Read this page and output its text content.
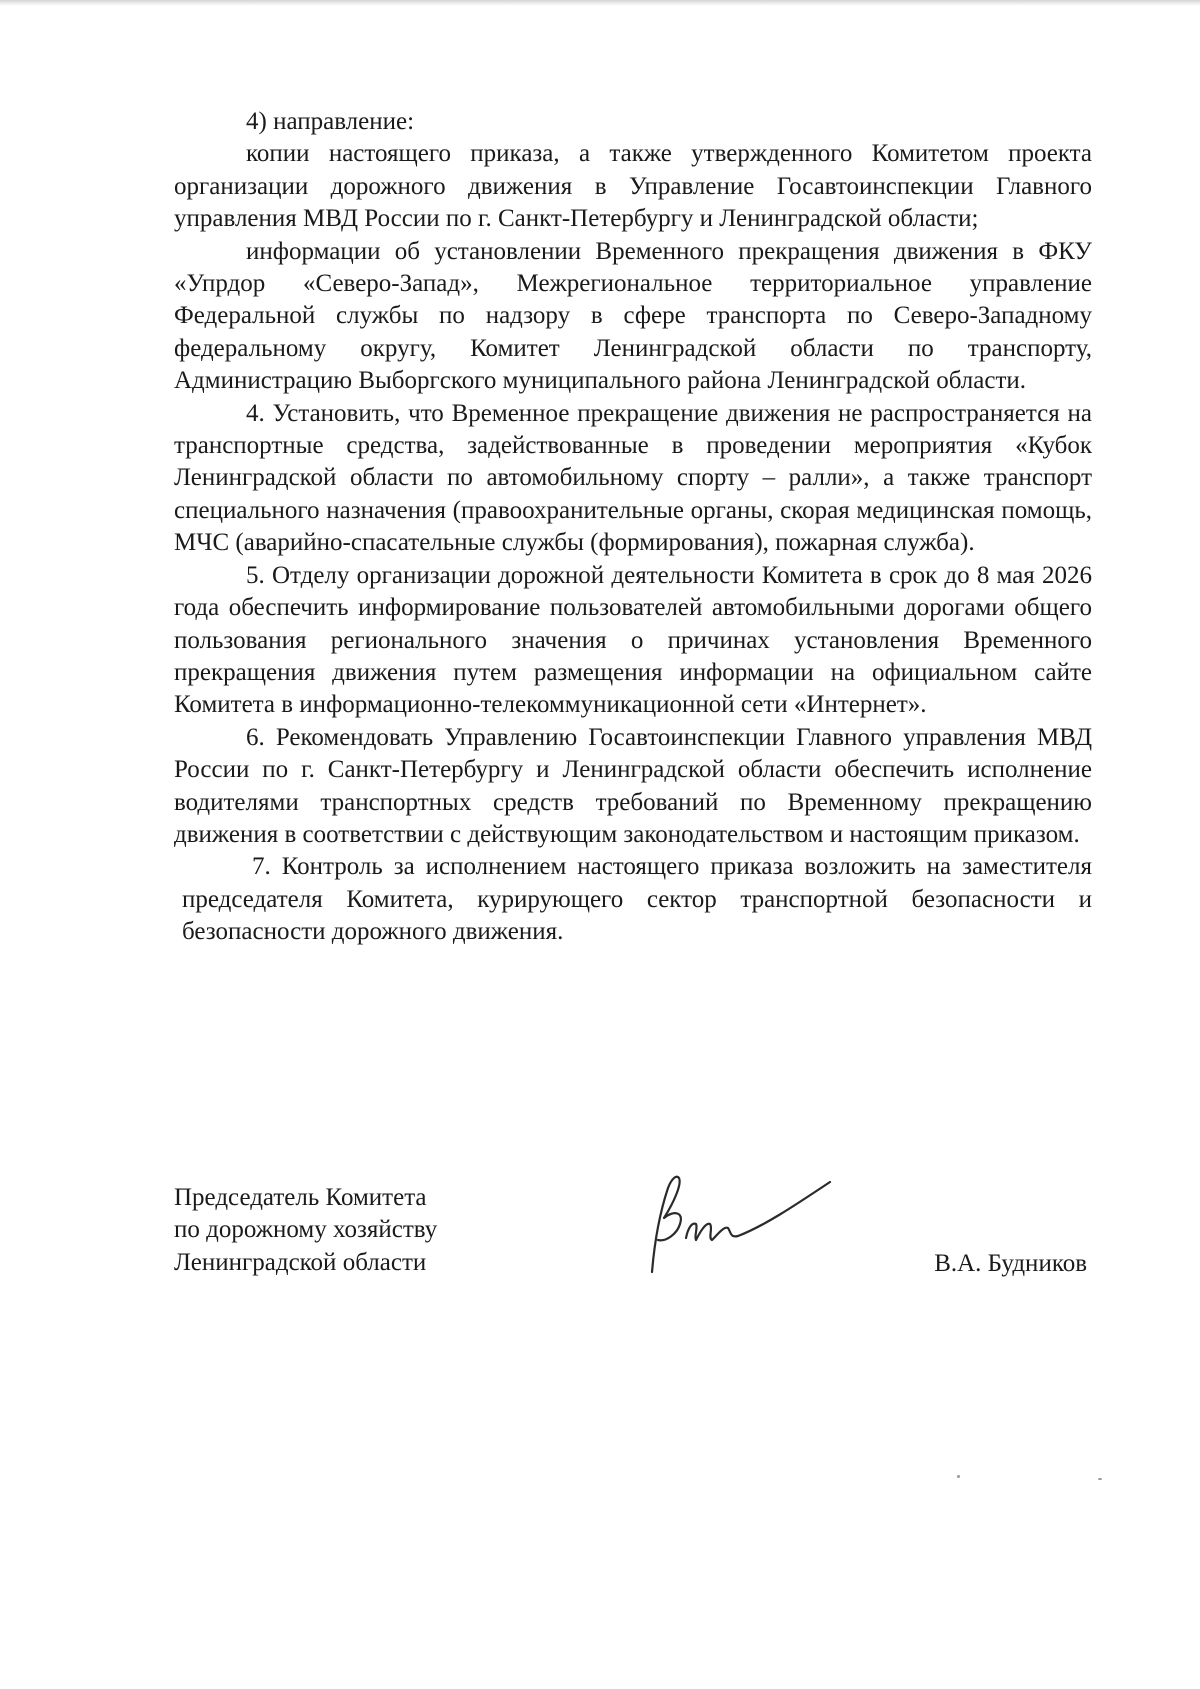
4) направление:

копии настоящего приказа, а также утвержденного Комитетом проекта организации дорожного движения в Управление Госавтоинспекции Главного управления МВД России по г. Санкт-Петербургу и Ленинградской области;

информации об установлении Временного прекращения движения в ФКУ «Упрдор «Северо-Запад», Межрегиональное территориальное управление Федеральной службы по надзору в сфере транспорта по Северо-Западному федеральному округу, Комитет Ленинградской области по транспорту, Администрацию Выборгского муниципального района Ленинградской области.

4. Установить, что Временное прекращение движения не распространяется на транспортные средства, задействованные в проведении мероприятия «Кубок Ленинградской области по автомобильному спорту – ралли», а также транспорт специального назначения (правоохранительные органы, скорая медицинская помощь, МЧС (аварийно-спасательные службы (формирования), пожарная служба).

5. Отделу организации дорожной деятельности Комитета в срок до 8 мая 2026 года обеспечить информирование пользователей автомобильными дорогами общего пользования регионального значения о причинах установления Временного прекращения движения путем размещения информации на официальном сайте Комитета в информационно-телекоммуникационной сети «Интернет».

6. Рекомендовать Управлению Госавтоинспекции Главного управления МВД России по г. Санкт-Петербургу и Ленинградской области обеспечить исполнение водителями транспортных средств требований по Временному прекращению движения в соответствии с действующим законодательством и настоящим приказом.

7. Контроль за исполнением настоящего приказа возложить на заместителя председателя Комитета, курирующего сектор транспортной безопасности и безопасности дорожного движения.

Председатель Комитета
по дорожному хозяйству
Ленинградской области	В.А. Будников
